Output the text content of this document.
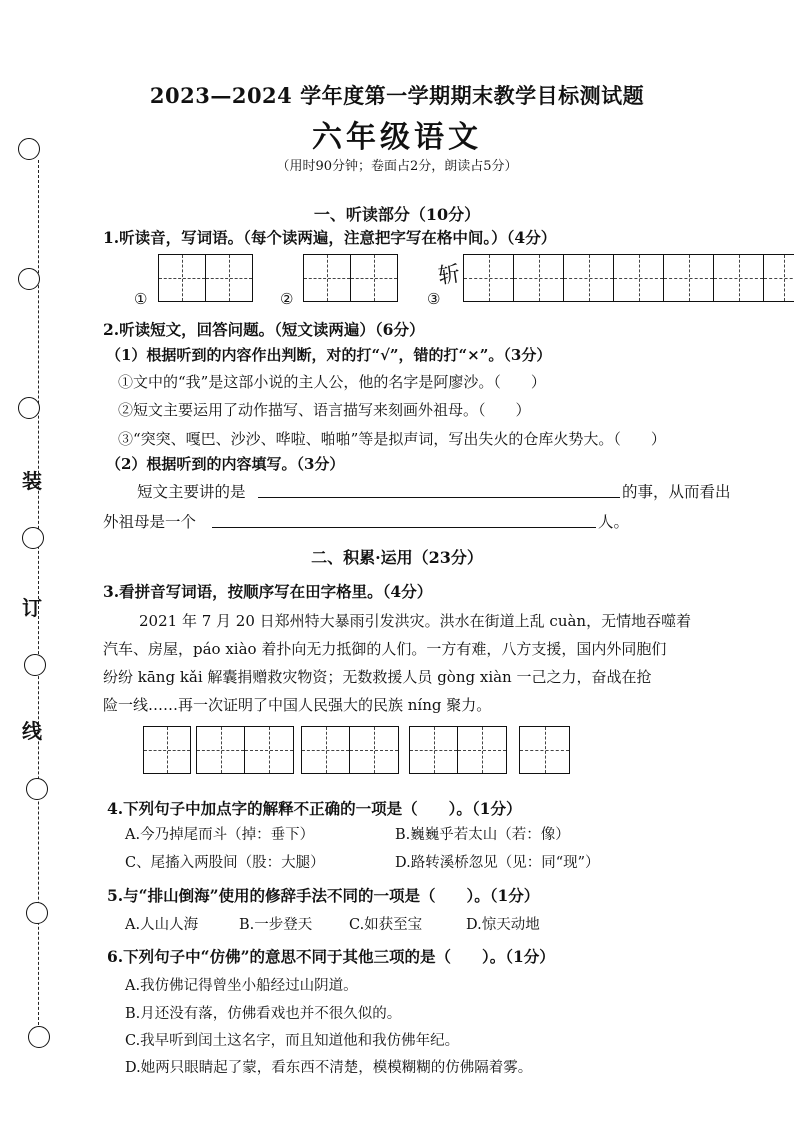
装
订
线
2023—2024 学年度第一学期期末教学目标测试题
六年级语文
（用时90分钟；卷面占2分，朗读占5分）
一、听读部分（10分）
1.听读音，写词语。（每个读两遍，注意把字写在格中间。）（4分）
①	②	③
斩
2.听读短文，回答问题。（短文读两遍）（6分）
（1）根据听到的内容作出判断，对的打“√”，错的打“×”。（3分）
①文中的“我”是这部小说的主人公，他的名字是阿廖沙。（　　）
②短文主要运用了动作描写、语言描写来刻画外祖母。（　　）
③“突突、嘎巴、沙沙、哗啦、啪啪”等是拟声词，写出失火的仓库火势大。（　　）
（2）根据听到的内容填写。（3分）
短文主要讲的是	的事，从而看出
外祖母是一个	人。
二、积累·运用（23分）
3.看拼音写词语，按顺序写在田字格里。（4分）
2021 年 7 月 20 日郑州特大暴雨引发洪灾。洪水在街道上乱 cuàn，无情地吞噬着
汽车、房屋，páo xiào 着扑向无力抵御的人们。一方有难，八方支援，国内外同胞们
纷纷 kāng kǎi 解囊捐赠救灾物资；无数救援人员 gòng xiàn 一己之力，奋战在抢
险一线……再一次证明了中国人民强大的民族 níng 聚力。
4.下列句子中加点字的解释不正确的一项是（　　）。（1分）
A.今乃掉尾而斗（掉：垂下）	B.巍巍乎若太山（若：像）
C、尾搐入两股间（股：大腿）	D.路转溪桥忽见（见：同“现”）
5.与“排山倒海”使用的修辞手法不同的一项是（　　）。（1分）
A.人山人海	B.一步登天	C.如获至宝	D.惊天动地
6.下列句子中“仿佛”的意思不同于其他三项的是（　　）。（1分）
A.我仿佛记得曾坐小船经过山阴道。
B.月还没有落，仿佛看戏也并不很久似的。
C.我早听到闰土这名字，而且知道他和我仿佛年纪。
D.她两只眼睛起了蒙，看东西不清楚，模模糊糊的仿佛隔着雾。
